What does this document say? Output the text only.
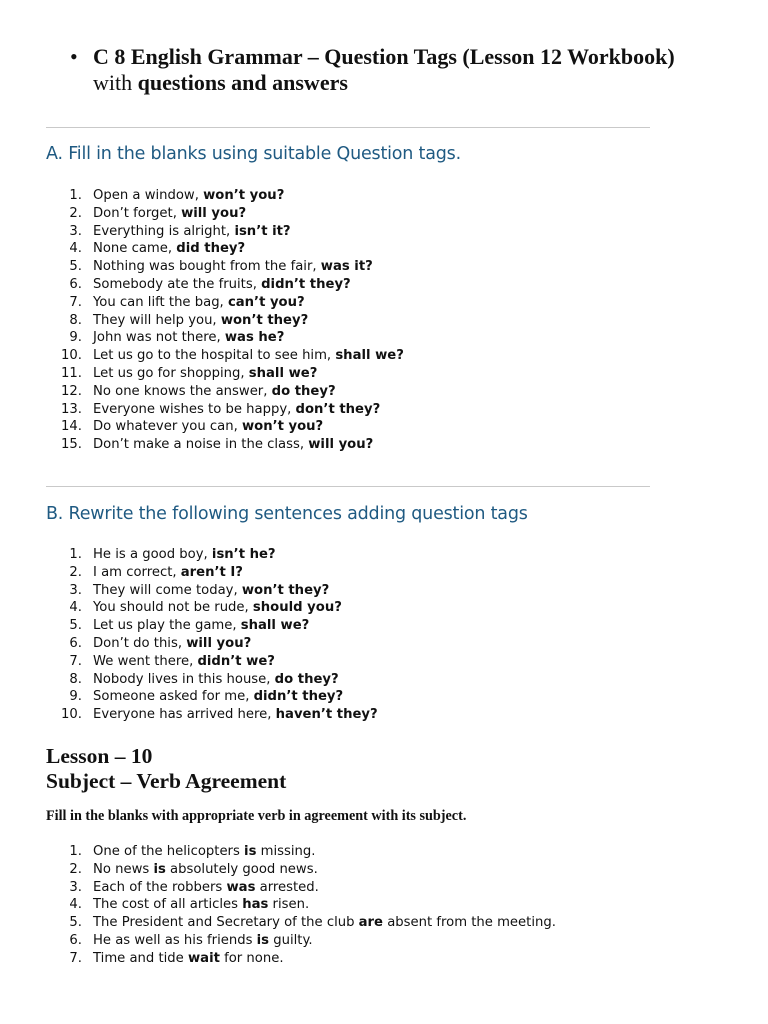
• C 8 English Grammar – Question Tags (Lesson 12 Workbook)
with questions and answers
A. Fill in the blanks using suitable Question tags.
1. Open a window, won’t you?
2. Don’t forget, will you?
3. Everything is alright, isn’t it?
4. None came, did they?
5. Nothing was bought from the fair, was it?
6. Somebody ate the fruits, didn’t they?
7. You can lift the bag, can’t you?
8. They will help you, won’t they?
9. John was not there, was he?
10. Let us go to the hospital to see him, shall we?
11. Let us go for shopping, shall we?
12. No one knows the answer, do they?
13. Everyone wishes to be happy, don’t they?
14. Do whatever you can, won’t you?
15. Don’t make a noise in the class, will you?
B. Rewrite the following sentences adding question tags
1. He is a good boy, isn’t he?
2. I am correct, aren’t I?
3. They will come today, won’t they?
4. You should not be rude, should you?
5. Let us play the game, shall we?
6. Don’t do this, will you?
7. We went there, didn’t we?
8. Nobody lives in this house, do they?
9. Someone asked for me, didn’t they?
10. Everyone has arrived here, haven’t they?
Lesson – 10
Subject – Verb Agreement

Fill in the blanks with appropriate verb in agreement with its subject.

1. One of the helicopters is missing.
2. No news is absolutely good news.
3. Each of the robbers was arrested.
4. The cost of all articles has risen.
5. The President and Secretary of the club are absent from the meeting.
6. He as well as his friends is guilty.
7. Time and tide wait for none.
